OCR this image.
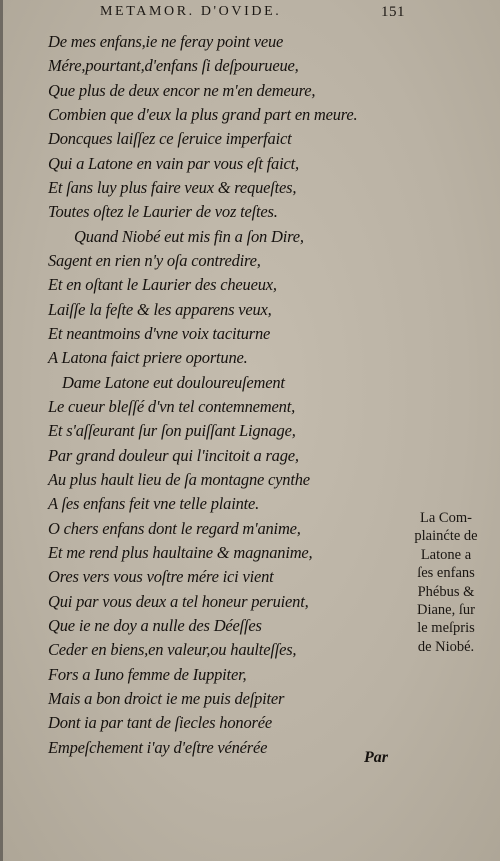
METAMOR. D'OVIDE.	151
De mes enfans,ie ne feray point veue
Mére,pourtant,d'enfans ſi deſpourueue,
Que plus de deux encor ne m'en demeure,
Combien que d'eux la plus grand part en meure.
Doncques laiſſez ce ſeruice imperfaict
Qui a Latone en vain par vous eſt faict,
Et ſans luy plus faire veux & requeſtes,
Toutes oſtez le Laurier de voz teſtes.
Quand Niobé eut mis fin a ſon Dire,
Sagent en rien n'y oſa contredire,
Et en oſtant le Laurier des cheueux,
Laiſſe la feſte & les apparens veux,
Et neantmoins d'vne voix taciturne
A Latona faict priere oportune.
Dame Latone eut douloureuſement
Le cueur bleſſé d'vn tel contemnement,
Et s'aſſeurant ſur ſon puiſſant Lignage,
Par grand douleur qui l'incitoit a rage,
Au plus hault lieu de ſa montagne cynthe
A ſes enfans feit vne telle plainte.
O chers enfans dont le regard m'anime,
Et me rend plus haultaine & magnanime,
Ores vers vous voſtre mére ici vient
Qui par vous deux a tel honeur peruient,
Que ie ne doy a nulle des Déeſſes
Ceder en biens,en valeur,ou haulteſſes,
Fors a Iuno femme de Iuppiter,
Mais a bon droict ie me puis deſpiter
Dont ia par tant de ſiecles honorée
Empeſchement i'ay d'eſtre vénérée
La Com-
plainćte de
Latone a
ſes enfans
Phébus &
Diane, ſur
le meſpris
de Niobé.
Par
